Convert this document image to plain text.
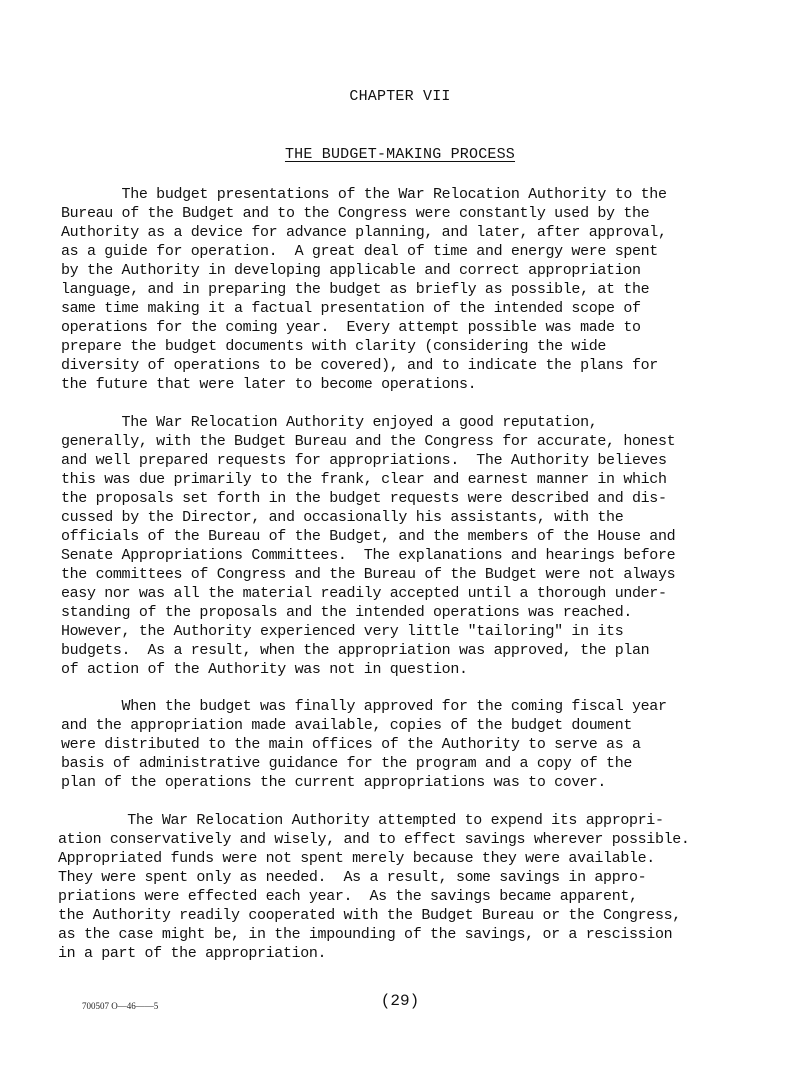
CHAPTER VII
THE BUDGET-MAKING PROCESS

The budget presentations of the War Relocation Authority to the
Bureau of the Budget and to the Congress were constantly used by the
Authority as a device for advance planning, and later, after approval,
as a guide for operation.  A great deal of time and energy were spent
by the Authority in developing applicable and correct appropriation
language, and in preparing the budget as briefly as possible, at the
same time making it a factual presentation of the intended scope of
operations for the coming year.  Every attempt possible was made to
prepare the budget documents with clarity (considering the wide
diversity of operations to be covered), and to indicate the plans for
the future that were later to become operations.

The War Relocation Authority enjoyed a good reputation,
generally, with the Budget Bureau and the Congress for accurate, honest
and well prepared requests for appropriations.  The Authority believes
this was due primarily to the frank, clear and earnest manner in which
the proposals set forth in the budget requests were described and dis-
cussed by the Director, and occasionally his assistants, with the
officials of the Bureau of the Budget, and the members of the House and
Senate Appropriations Committees.  The explanations and hearings before
the committees of Congress and the Bureau of the Budget were not always
easy nor was all the material readily accepted until a thorough under-
standing of the proposals and the intended operations was reached.
However, the Authority experienced very little "tailoring" in its
budgets.  As a result, when the appropriation was approved, the plan
of action of the Authority was not in question.

When the budget was finally approved for the coming fiscal year
and the appropriation made available, copies of the budget doument
were distributed to the main offices of the Authority to serve as a
basis of administrative guidance for the program and a copy of the
plan of the operations the current appropriations was to cover.

The War Relocation Authority attempted to expend its appropri-
ation conservatively and wisely, and to effect savings wherever possible.
Appropriated funds were not spent merely because they were available.
They were spent only as needed.  As a result, some savings in appro-
priations were effected each year.  As the savings became apparent,
the Authority readily cooperated with the Budget Bureau or the Congress,
as the case might be, in the impounding of the savings, or a rescission
in a part of the appropriation.

700507 O—46——5	(29)
